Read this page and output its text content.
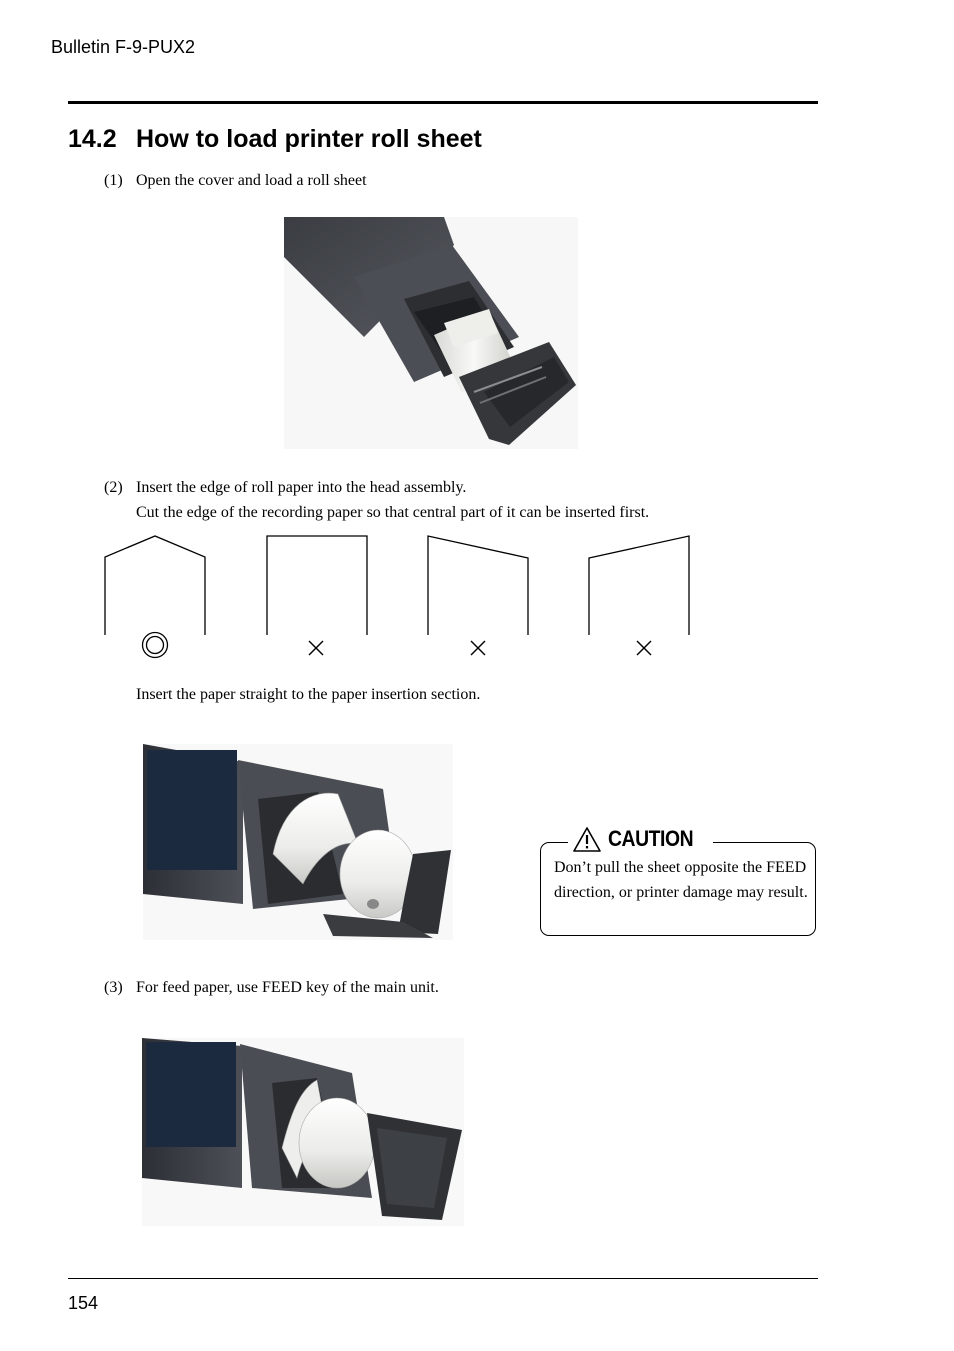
Bulletin F-9-PUX2
14.2 How to load printer roll sheet
(1) Open the cover and load a roll sheet
(2) Insert the edge of roll paper into the head assembly.
Cut the edge of the recording paper so that central part of it can be inserted first.
Insert the paper straight to the paper insertion section.
CAUTION
Don’t pull the sheet opposite the FEED direction, or printer damage may result.
(3) For feed paper, use FEED key of the main unit.
154
